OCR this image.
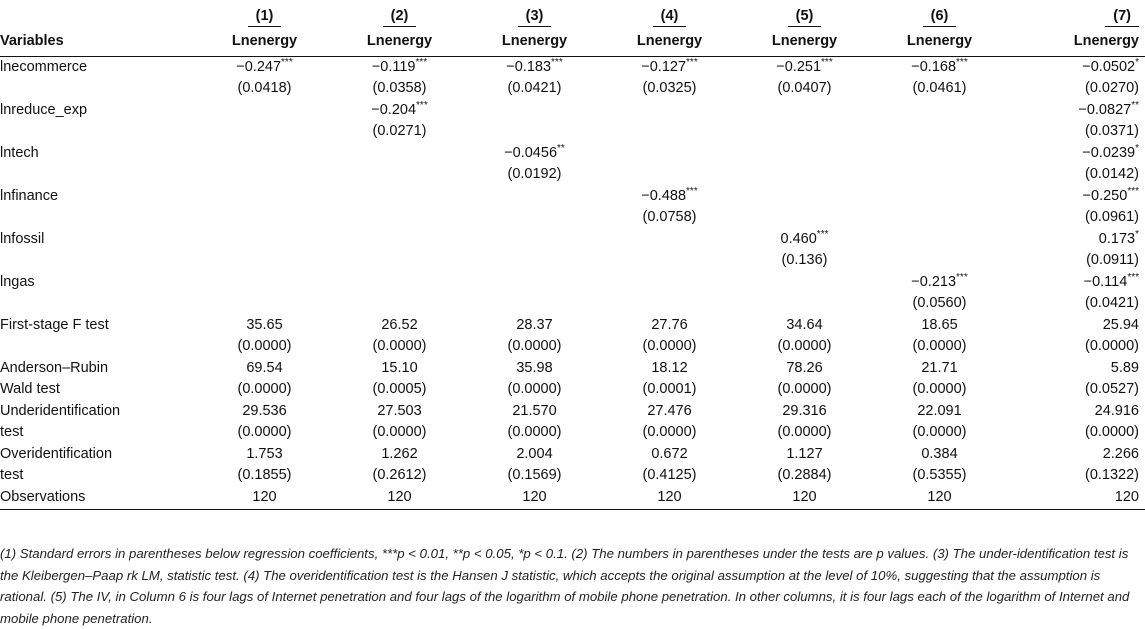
	(1)	(2)	(3)	(4)	(5)	(6)	(7)
Variables	Lnenergy	Lnenergy	Lnenergy	Lnenergy	Lnenergy	Lnenergy	Lnenergy
lnecommerce	−0.247***	−0.119***	−0.183***	−0.127***	−0.251***	−0.168***	−0.0502*
	(0.0418)	(0.0358)	(0.0421)	(0.0325)	(0.0407)	(0.0461)	(0.0270)
lnreduce_exp		−0.204***					−0.0827**
		(0.0271)					(0.0371)
lntech			−0.0456**				−0.0239*
			(0.0192)				(0.0142)
lnfinance				−0.488***			−0.250***
				(0.0758)			(0.0961)
lnfossil					0.460***		0.173*
					(0.136)		(0.0911)
lngas						−0.213***	−0.114***
						(0.0560)	(0.0421)
First-stage F test	35.65	26.52	28.37	27.76	34.64	18.65	25.94
	(0.0000)	(0.0000)	(0.0000)	(0.0000)	(0.0000)	(0.0000)	(0.0000)
Anderson–Rubin	69.54	15.10	35.98	18.12	78.26	21.71	5.89
Wald test	(0.0000)	(0.0005)	(0.0000)	(0.0001)	(0.0000)	(0.0000)	(0.0527)
Underidentification	29.536	27.503	21.570	27.476	29.316	22.091	24.916
test	(0.0000)	(0.0000)	(0.0000)	(0.0000)	(0.0000)	(0.0000)	(0.0000)
Overidentification	1.753	1.262	2.004	0.672	1.127	0.384	2.266
test	(0.1855)	(0.2612)	(0.1569)	(0.4125)	(0.2884)	(0.5355)	(0.1322)
Observations	120	120	120	120	120	120	120
(1) Standard errors in parentheses below regression coefficients, ***p < 0.01, **p < 0.05, *p < 0.1. (2) The numbers in parentheses under the tests are p values. (3) The under-identification test is the Kleibergen–Paap rk LM, statistic test. (4) The overidentification test is the Hansen J statistic, which accepts the original assumption at the level of 10%, suggesting that the assumption is rational. (5) The IV, in Column 6 is four lags of Internet penetration and four lags of the logarithm of mobile phone penetration. In other columns, it is four lags each of the logarithm of Internet and mobile phone penetration.
